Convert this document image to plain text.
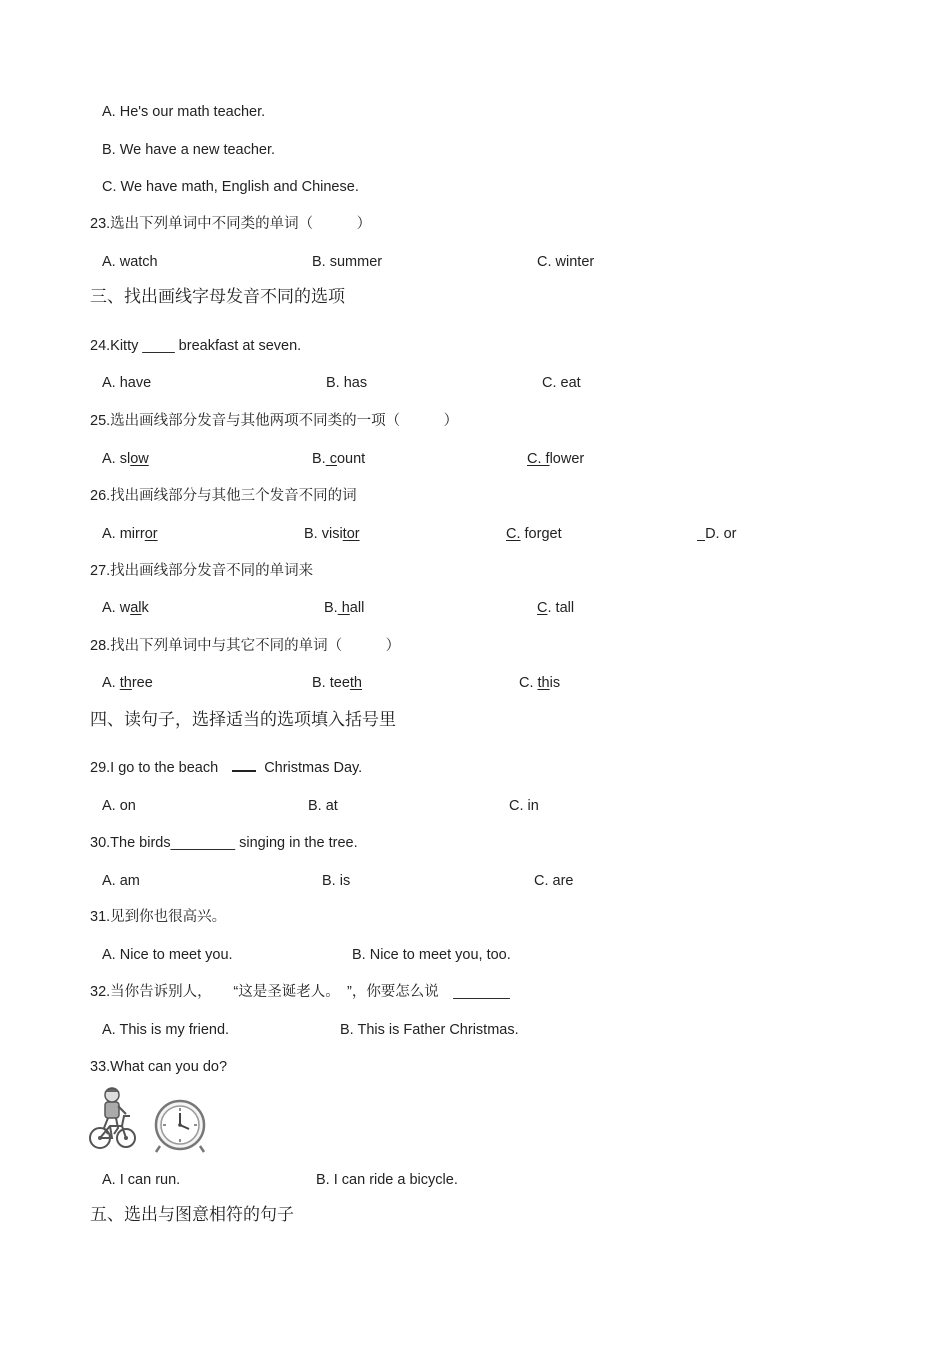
A. He's our math teacher.
B. We have a new teacher.
C. We have math, English and Chinese.
23.选出下列单词中不同类的单词（　　　）
A. watch	B. summer	C. winter
三、找出画线字母发音不同的选项
24.Kitty ____ breakfast at seven.
A. have	B. has	C. eat
25.选出画线部分发音与其他两项不同类的一项（　　　）
A. slow	B. count	C. flower
26.找出画线部分与其他三个发音不同的词
A. mirror	B. visitor	C. forget	D. or
27.找出画线部分发音不同的单词来
A. walk	B. hall	C. tall
28.找出下列单词中与其它不同的单词（　　　）
A. three	B. teeth	C. this
四、读句子，选择适当的选项填入括号里
29.I go to the beach	Christmas Day.
A. on	B. at	C. in
30.The birds________ singing in the tree.
A. am	B. is	C. are
31.见到你也很高兴。
A. Nice to meet you.	B. Nice to meet you, too.
32.当你告诉别人，　　“这是圣诞老人。　”，你要怎么说　_______
A. This is my friend.	B. This is Father Christmas.
33.What can you do?
A. I can run.	B. I can ride a bicycle.
五、选出与图意相符的句子
